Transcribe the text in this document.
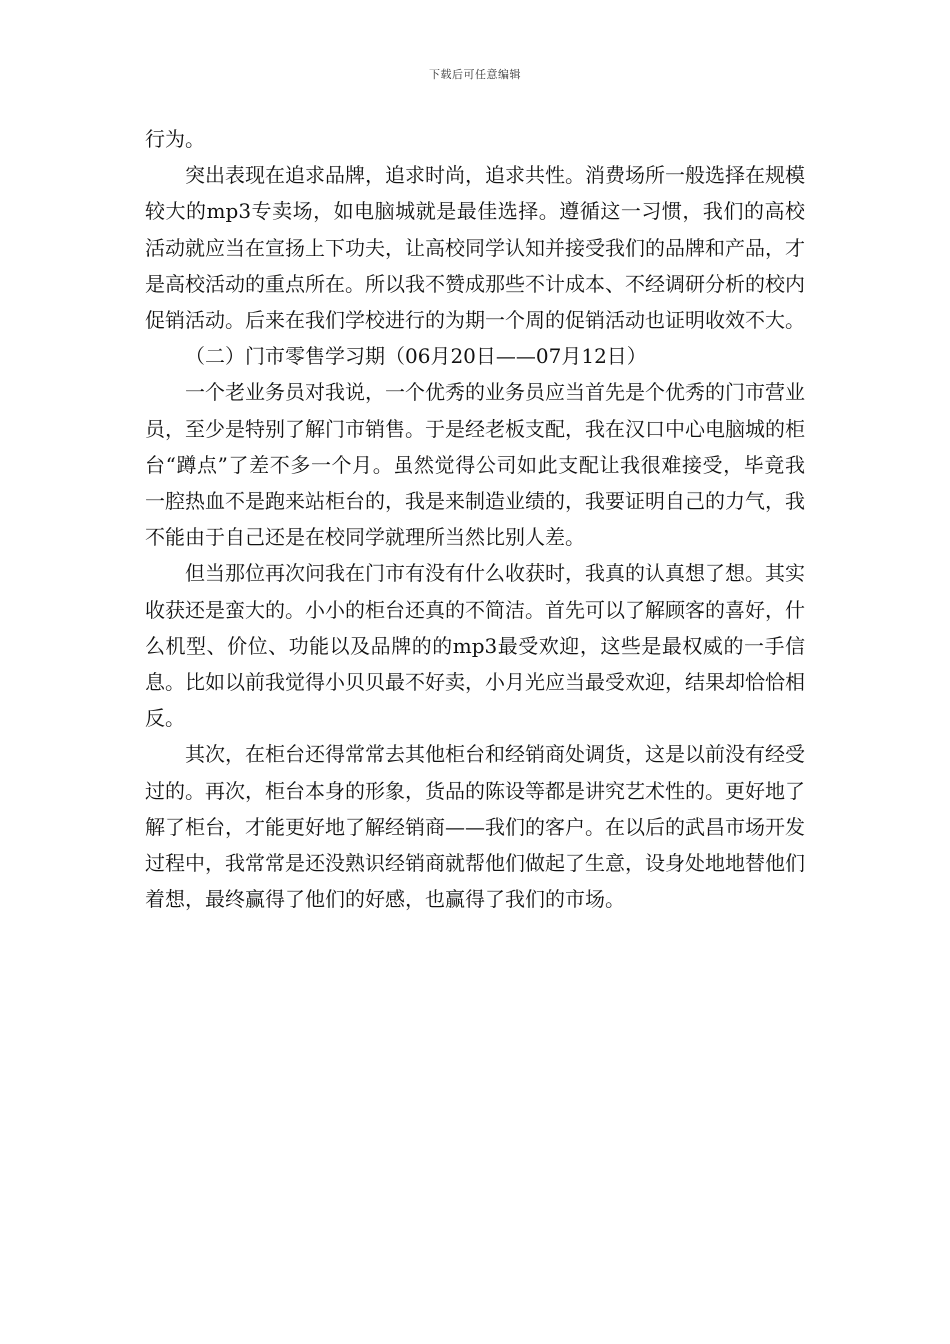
下载后可任意编辑

行为。

突出表现在追求品牌，追求时尚，追求共性。消费场所一般选择在规模较大的mp3专卖场，如电脑城就是最佳选择。遵循这一习惯，我们的高校活动就应当在宣扬上下功夫，让高校同学认知并接受我们的品牌和产品，才是高校活动的重点所在。所以我不赞成那些不计成本、不经调研分析的校内促销活动。后来在我们学校进行的为期一个周的促销活动也证明收效不大。

（二）门市零售学习期（06月20日——07月12日）

一个老业务员对我说，一个优秀的业务员应当首先是个优秀的门市营业员，至少是特别了解门市销售。于是经老板支配，我在汉口中心电脑城的柜台“蹲点”了差不多一个月。虽然觉得公司如此支配让我很难接受，毕竟我一腔热血不是跑来站柜台的，我是来制造业绩的，我要证明自己的力气，我不能由于自己还是在校同学就理所当然比别人差。

但当那位再次问我在门市有没有什么收获时，我真的认真想了想。其实收获还是蛮大的。小小的柜台还真的不简洁。首先可以了解顾客的喜好，什么机型、价位、功能以及品牌的的mp3最受欢迎，这些是最权威的一手信息。比如以前我觉得小贝贝最不好卖，小月光应当最受欢迎，结果却恰恰相反。

其次，在柜台还得常常去其他柜台和经销商处调货，这是以前没有经受过的。再次，柜台本身的形象，货品的陈设等都是讲究艺术性的。更好地了解了柜台，才能更好地了解经销商——我们的客户。在以后的武昌市场开发过程中，我常常是还没熟识经销商就帮他们做起了生意，设身处地地替他们着想，最终赢得了他们的好感，也赢得了我们的市场。
